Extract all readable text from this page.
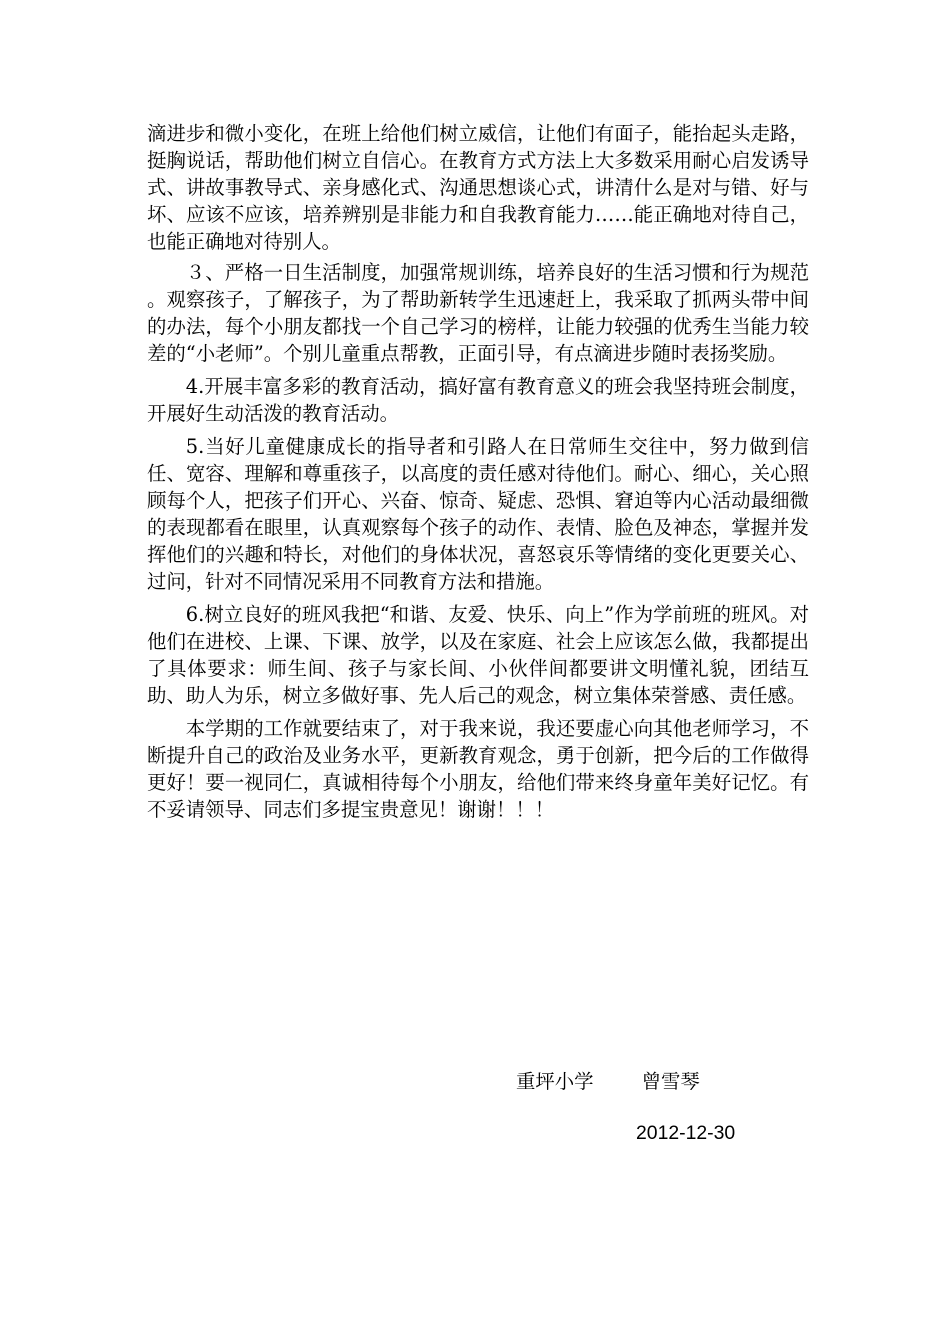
滴进步和微小变化，在班上给他们树立威信，让他们有面子，能抬起头走路，挺胸说话，帮助他们树立自信心。在教育方式方法上大多数采用耐心启发诱导式、讲故事教导式、亲身感化式、沟通思想谈心式，讲清什么是对与错、好与坏、应该不应该，培养辨别是非能力和自我教育能力……能正确地对待自己，也能正确地对待别人。

３、严格一日生活制度，加强常规训练，培养良好的生活习惯和行为规范 。观察孩子，了解孩子，为了帮助新转学生迅速赶上，我采取了抓两头带中间的办法，每个小朋友都找一个自己学习的榜样，让能力较强的优秀生当能力较差的“小老师”。个别儿童重点帮教，正面引导，有点滴进步随时表扬奖励。

4.开展丰富多彩的教育活动，搞好富有教育意义的班会我坚持班会制度，开展好生动活泼的教育活动。

5.当好儿童健康成长的指导者和引路人在日常师生交往中，努力做到信任、宽容、理解和尊重孩子，以高度的责任感对待他们。耐心、细心，关心照顾每个人，把孩子们开心、兴奋、惊奇、疑虑、恐惧、窘迫等内心活动最细微的表现都看在眼里，认真观察每个孩子的动作、表情、脸色及神态，掌握并发挥他们的兴趣和特长，对他们的身体状况，喜怒哀乐等情绪的变化更要关心、过问，针对不同情况采用不同教育方法和措施。

6.树立良好的班风我把“和谐、友爱、快乐、向上”作为学前班的班风。对他们在进校、上课、下课、放学，以及在家庭、社会上应该怎么做，我都提出了具体要求：师生间、孩子与家长间、小伙伴间都要讲文明懂礼貌，团结互助、助人为乐，树立多做好事、先人后己的观念，树立集体荣誉感、责任感。

本学期的工作就要结束了，对于我来说，我还要虚心向其他老师学习，不断提升自己的政治及业务水平，更新教育观念，勇于创新，把今后的工作做得更好！要一视同仁，真诚相待每个小朋友，给他们带来终身童年美好记忆。有不妥请领导、同志们多提宝贵意见！谢谢！！！

重坪小学 曾雪琴
2012-12-30
